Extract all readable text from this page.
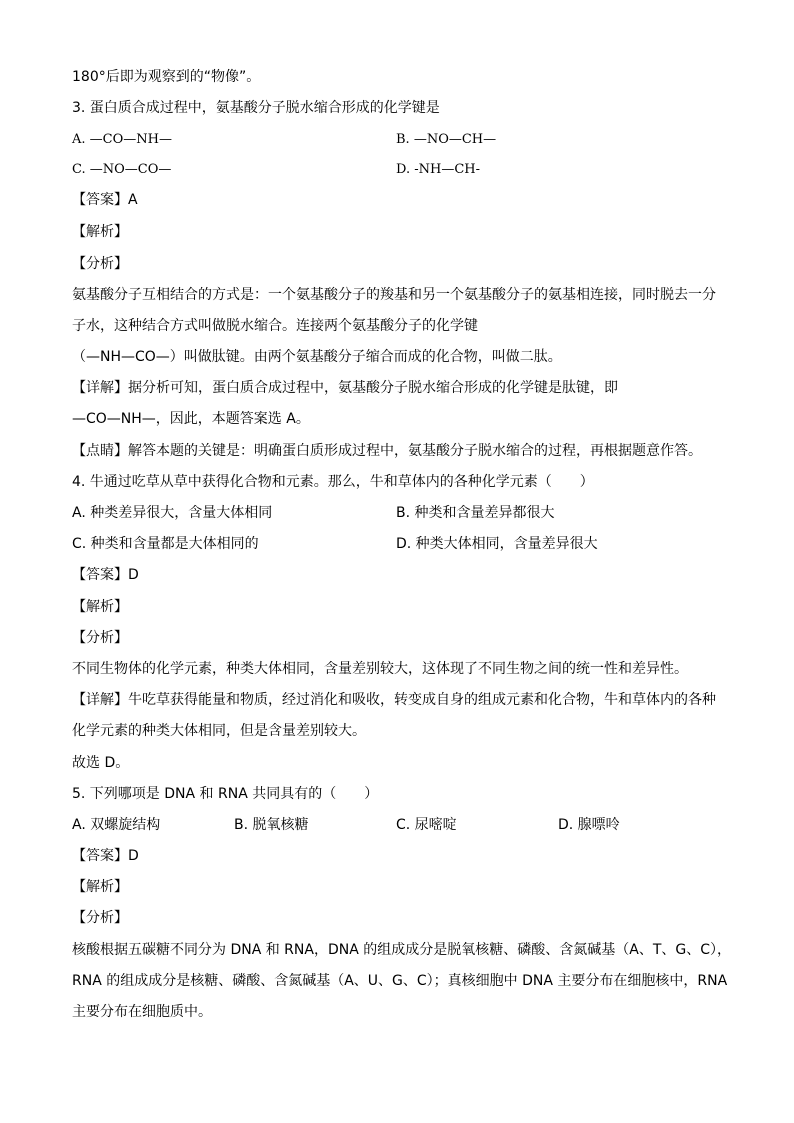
180°后即为观察到的“物像”。
3. 蛋白质合成过程中，氨基酸分子脱水缩合形成的化学键是
A. —CO—NH—	B. —NO—CH—
C. —NO—CO—	D. -NH—CH-
【答案】A
【解析】
【分析】
氨基酸分子互相结合的方式是：一个氨基酸分子的羧基和另一个氨基酸分子的氨基相连接，同时脱去一分
子水，这种结合方式叫做脱水缩合。连接两个氨基酸分子的化学键
（—NH—CO—）叫做肽键。由两个氨基酸分子缩合而成的化合物，叫做二肽。
【详解】据分析可知，蛋白质合成过程中，氨基酸分子脱水缩合形成的化学键是肽键，即
—CO—NH—，因此，本题答案选 A。
【点睛】解答本题的关键是：明确蛋白质形成过程中，氨基酸分子脱水缩合的过程，再根据题意作答。
4. 牛通过吃草从草中获得化合物和元素。那么，牛和草体内的各种化学元素（　　）
A. 种类差异很大，含量大体相同	B. 种类和含量差异都很大
C. 种类和含量都是大体相同的	D. 种类大体相同，含量差异很大
【答案】D
【解析】
【分析】
不同生物体的化学元素，种类大体相同，含量差别较大，这体现了不同生物之间的统一性和差异性。
【详解】牛吃草获得能量和物质，经过消化和吸收，转变成自身的组成元素和化合物，牛和草体内的各种
化学元素的种类大体相同，但是含量差别较大。
故选 D。
5. 下列哪项是 DNA 和 RNA 共同具有的（　　）
A. 双螺旋结构	B. 脱氧核糖	C. 尿嘧啶	D. 腺嘌呤
【答案】D
【解析】
【分析】
核酸根据五碳糖不同分为 DNA 和 RNA，DNA 的组成成分是脱氧核糖、磷酸、含氮碱基（A、T、G、C），
RNA 的组成成分是核糖、磷酸、含氮碱基（A、U、G、C）；真核细胞中 DNA 主要分布在细胞核中，RNA
主要分布在细胞质中。
